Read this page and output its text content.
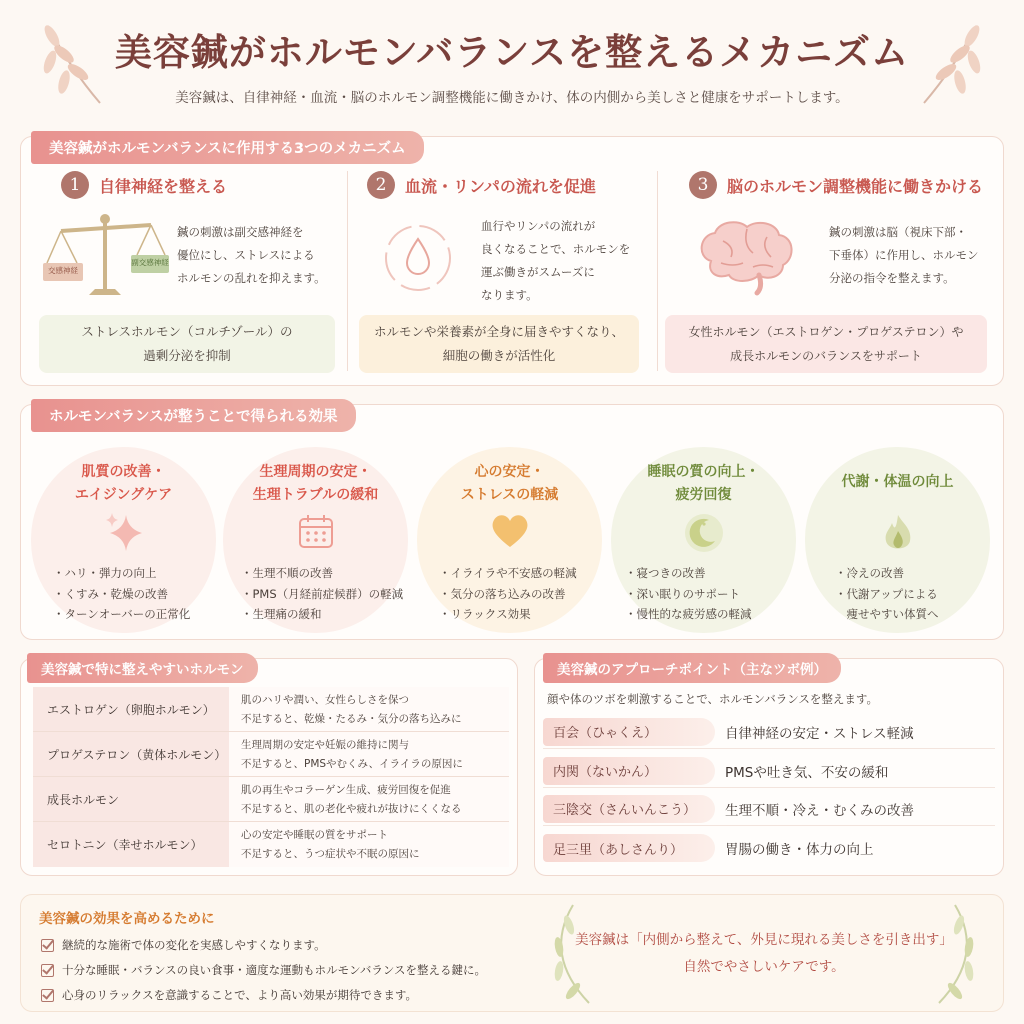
美容鍼がホルモンバランスを整えるメカニズム
美容鍼は、自律神経・血流・脳のホルモン調整機能に働きかけ、体の内側から美しさと健康をサポートします。
美容鍼がホルモンバランスに作用する3つのメカニズム
1	自律神経を整える
交感神経
副交感神経
鍼の刺激は副交感神経を
優位にし、ストレスによる
ホルモンの乱れを抑えます。
ストレスホルモン（コルチゾール）の
過剰分泌を抑制
2	血流・リンパの流れを促進
血行やリンパの流れが
良くなることで、ホルモンを
運ぶ働きがスムーズに
なります。
ホルモンや栄養素が全身に届きやすくなり、
細胞の働きが活性化
3	脳のホルモン調整機能に働きかける
鍼の刺激は脳（視床下部・
下垂体）に作用し、ホルモン
分泌の指令を整えます。
女性ホルモン（エストロゲン・プロゲステロン）や
成長ホルモンのバランスをサポート
ホルモンバランスが整うことで得られる効果
肌質の改善・
エイジングケア
・ ハリ・弾力の向上
・ くすみ・乾燥の改善
・ ターンオーバーの正常化
生理周期の安定・
生理トラブルの緩和
・ 生理不順の改善
・ PMS（月経前症候群）の軽減
・ 生理痛の緩和
心の安定・
ストレスの軽減
・ イライラや不安感の軽減
・ 気分の落ち込みの改善
・ リラックス効果
睡眠の質の向上・
疲労回復
・ 寝つきの改善
・ 深い眠りのサポート
・ 慢性的な疲労感の軽減
代謝・体温の向上
・ 冷えの改善
・ 代謝アップによる
　痩せやすい体質へ
美容鍼で特に整えやすいホルモン
エストロゲン（卵胞ホルモン）
肌のハリや潤い、女性らしさを保つ
不足すると、乾燥・たるみ・気分の落ち込みに
プロゲステロン（黄体ホルモン）
生理周期の安定や妊娠の維持に関与
不足すると、PMSやむくみ、イライラの原因に
成長ホルモン
肌の再生やコラーゲン生成、疲労回復を促進
不足すると、肌の老化や疲れが抜けにくくなる
セロトニン（幸せホルモン）
心の安定や睡眠の質をサポート
不足すると、うつ症状や不眠の原因に
美容鍼のアプローチポイント（主なツボ例）
顔や体のツボを刺激することで、ホルモンバランスを整えます。
百会（ひゃくえ）	自律神経の安定・ストレス軽減
内関（ないかん）	PMSや吐き気、不安の緩和
三陰交（さんいんこう）	生理不順・冷え・むくみの改善
足三里（あしさんり）	胃腸の働き・体力の向上
美容鍼の効果を高めるために
継続的な施術で体の変化を実感しやすくなります。
十分な睡眠・バランスの良い食事・適度な運動もホルモンバランスを整える鍵に。
心身のリラックスを意識することで、より高い効果が期待できます。
美容鍼は「内側から整えて、外見に現れる美しさを引き出す」
自然でやさしいケアです。
